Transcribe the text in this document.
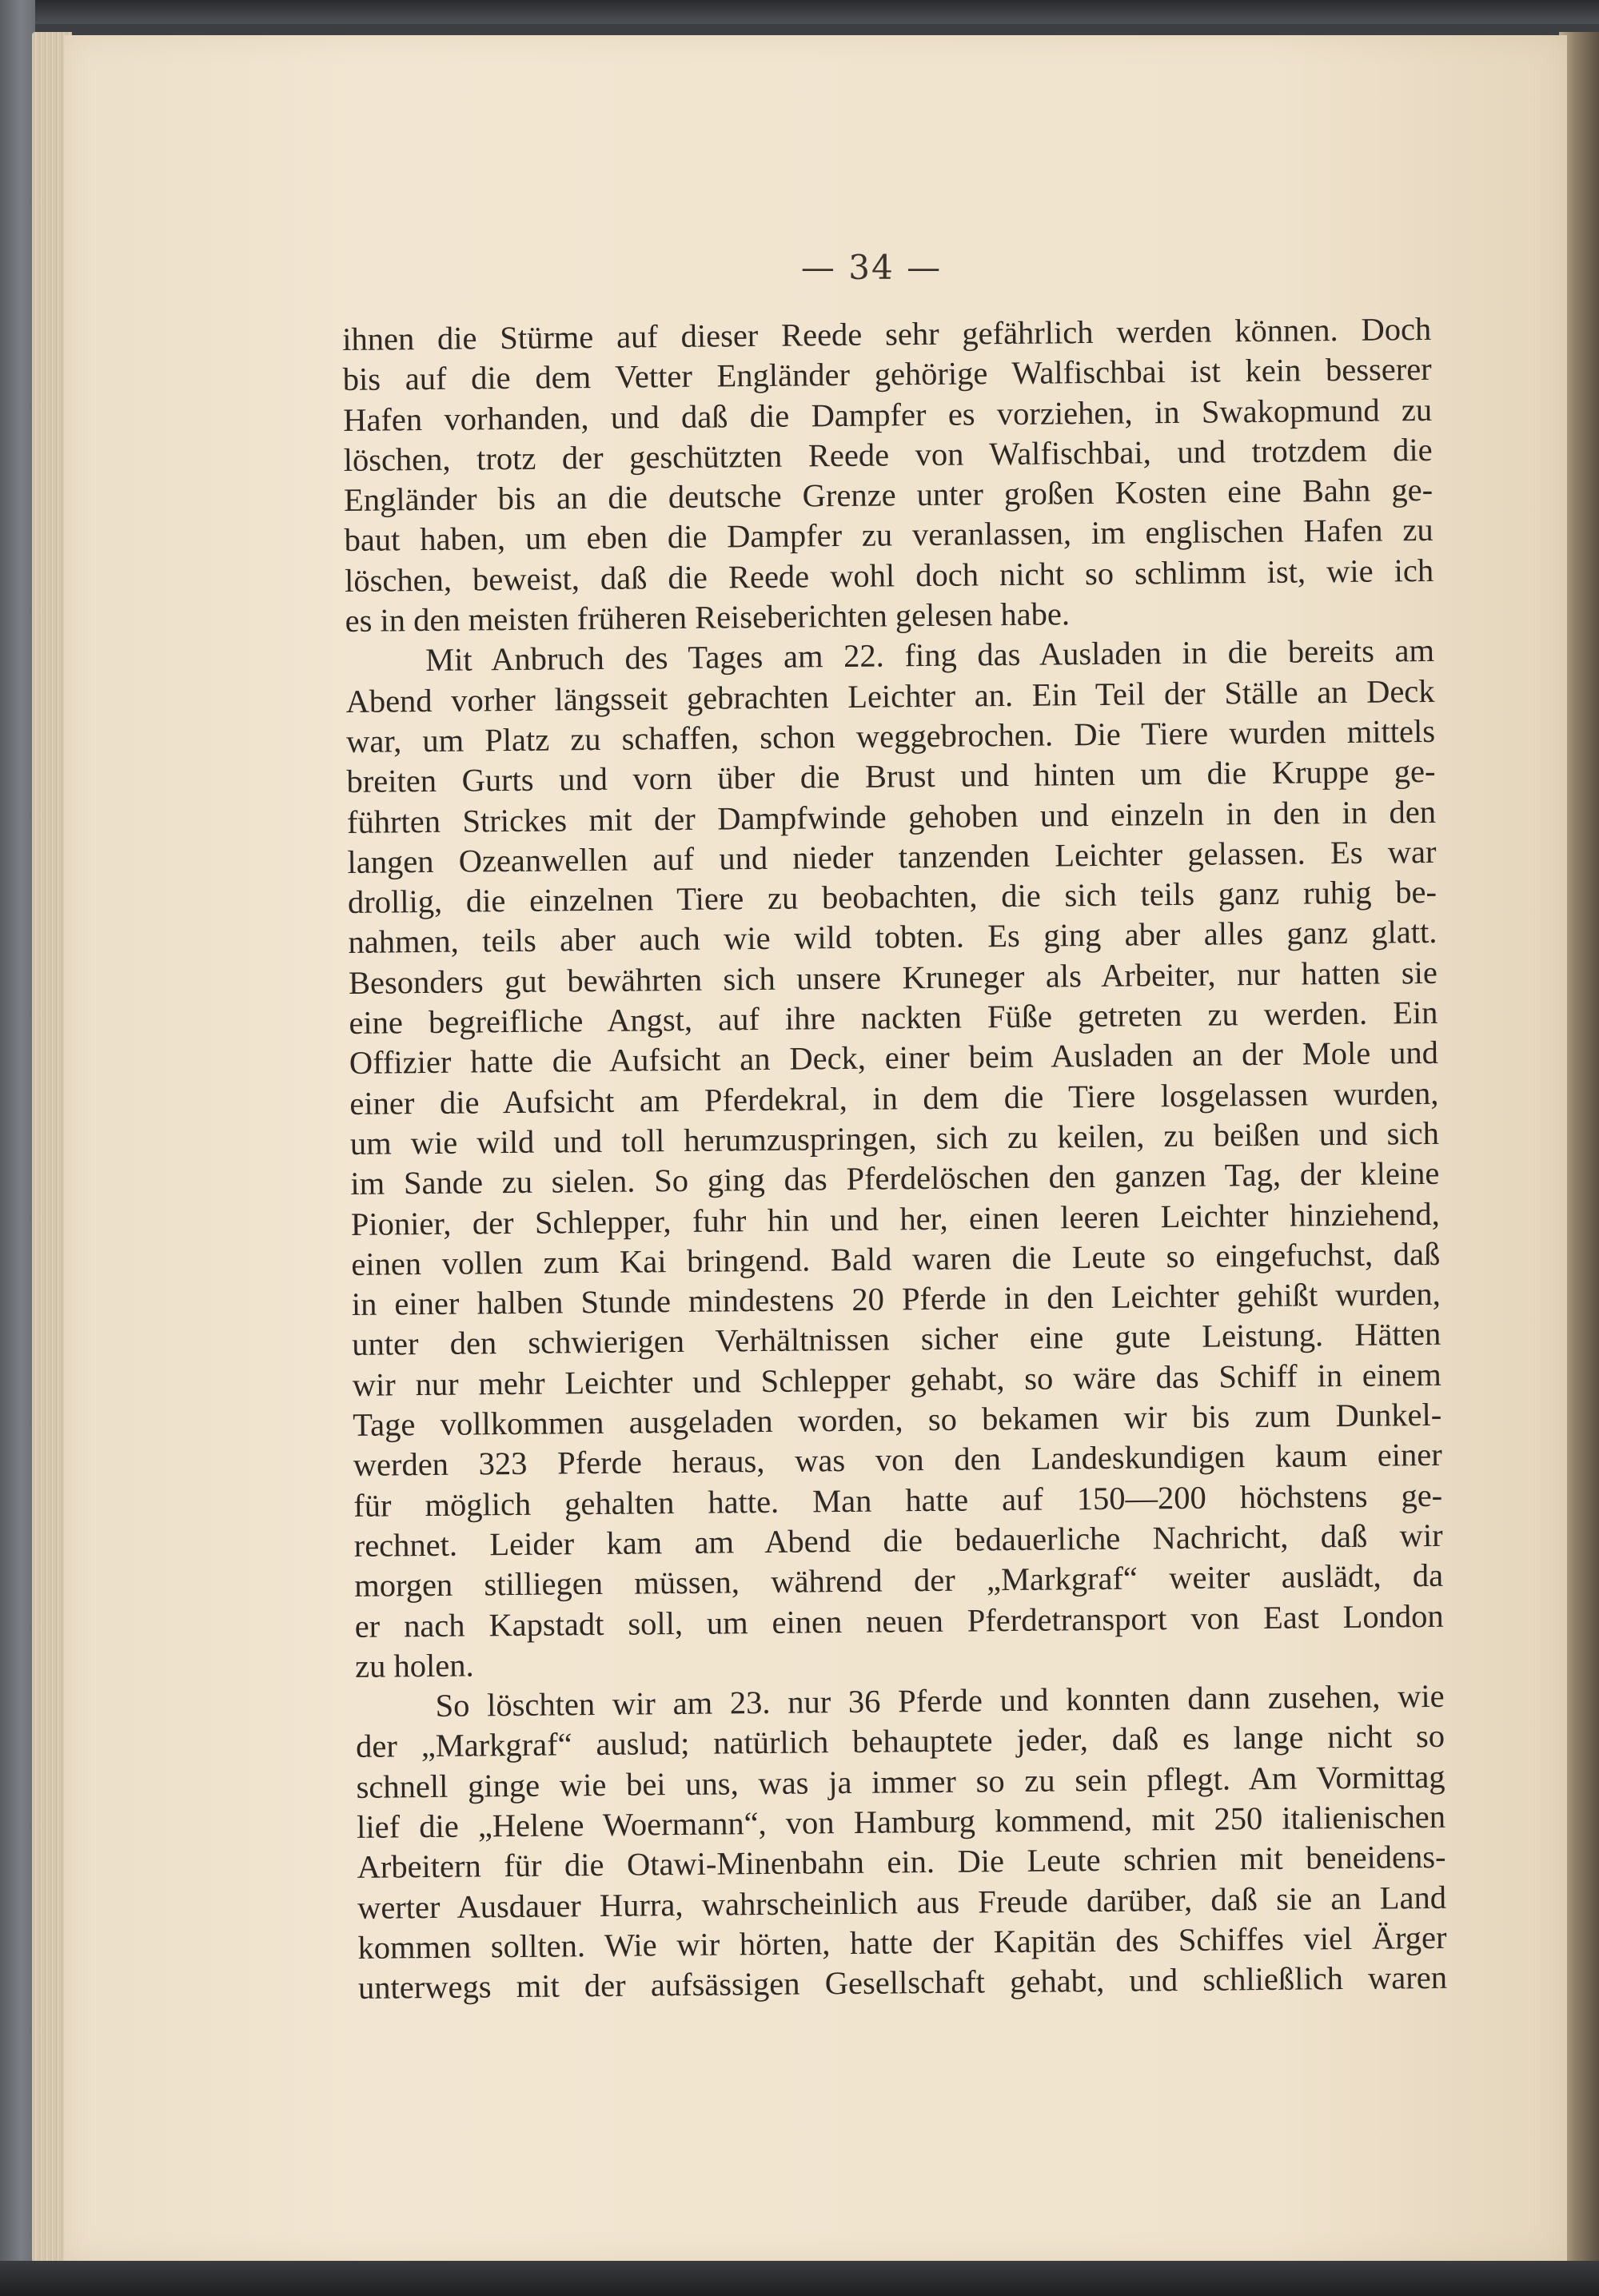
— 34 —
ihnen die Stürme auf dieser Reede sehr gefährlich werden können. Doch
bis auf die dem Vetter Engländer gehörige Walfischbai ist kein besserer
Hafen vorhanden, und daß die Dampfer es vorziehen, in Swakopmund zu
löschen, trotz der geschützten Reede von Walfischbai, und trotzdem die
Engländer bis an die deutsche Grenze unter großen Kosten eine Bahn ge-
baut haben, um eben die Dampfer zu veranlassen, im englischen Hafen zu
löschen, beweist, daß die Reede wohl doch nicht so schlimm ist, wie ich
es in den meisten früheren Reiseberichten gelesen habe.
Mit Anbruch des Tages am 22. fing das Ausladen in die bereits am
Abend vorher längsseit gebrachten Leichter an. Ein Teil der Ställe an Deck
war, um Platz zu schaffen, schon weggebrochen. Die Tiere wurden mittels
breiten Gurts und vorn über die Brust und hinten um die Kruppe ge-
führten Strickes mit der Dampfwinde gehoben und einzeln in den in den
langen Ozeanwellen auf und nieder tanzenden Leichter gelassen. Es war
drollig, die einzelnen Tiere zu beobachten, die sich teils ganz ruhig be-
nahmen, teils aber auch wie wild tobten. Es ging aber alles ganz glatt.
Besonders gut bewährten sich unsere Kruneger als Arbeiter, nur hatten sie
eine begreifliche Angst, auf ihre nackten Füße getreten zu werden. Ein
Offizier hatte die Aufsicht an Deck, einer beim Ausladen an der Mole und
einer die Aufsicht am Pferdekral, in dem die Tiere losgelassen wurden,
um wie wild und toll herumzuspringen, sich zu keilen, zu beißen und sich
im Sande zu sielen. So ging das Pferdelöschen den ganzen Tag, der kleine
Pionier, der Schlepper, fuhr hin und her, einen leeren Leichter hinziehend,
einen vollen zum Kai bringend. Bald waren die Leute so eingefuchst, daß
in einer halben Stunde mindestens 20 Pferde in den Leichter gehißt wurden,
unter den schwierigen Verhältnissen sicher eine gute Leistung. Hätten
wir nur mehr Leichter und Schlepper gehabt, so wäre das Schiff in einem
Tage vollkommen ausgeladen worden, so bekamen wir bis zum Dunkel-
werden 323 Pferde heraus, was von den Landeskundigen kaum einer
für möglich gehalten hatte. Man hatte auf 150—200 höchstens ge-
rechnet. Leider kam am Abend die bedauerliche Nachricht, daß wir
morgen stilliegen müssen, während der „Markgraf“ weiter auslädt, da
er nach Kapstadt soll, um einen neuen Pferdetransport von East London
zu holen.
So löschten wir am 23. nur 36 Pferde und konnten dann zusehen, wie
der „Markgraf“ auslud; natürlich behauptete jeder, daß es lange nicht so
schnell ginge wie bei uns, was ja immer so zu sein pflegt. Am Vormittag
lief die „Helene Woermann“, von Hamburg kommend, mit 250 italienischen
Arbeitern für die Otawi-Minenbahn ein. Die Leute schrien mit beneidens-
werter Ausdauer Hurra, wahrscheinlich aus Freude darüber, daß sie an Land
kommen sollten. Wie wir hörten, hatte der Kapitän des Schiffes viel Ärger
unterwegs mit der aufsässigen Gesellschaft gehabt, und schließlich waren
